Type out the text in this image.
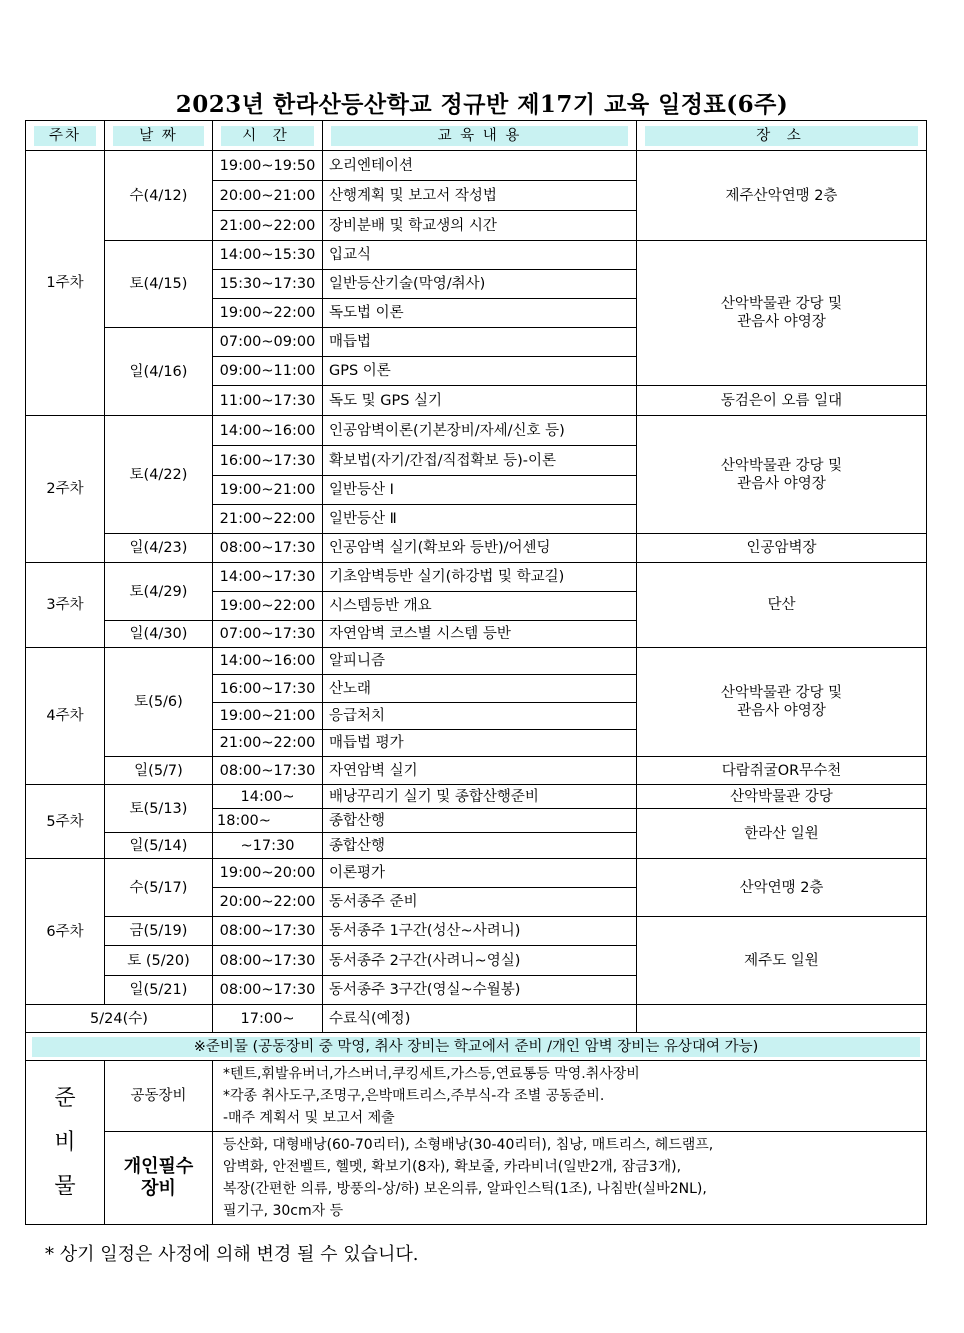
2023년 한라산등산학교 정규반 제17기 교육 일정표(6주)
주차	날 짜	시 간	교 육 내 용	장 소

1주차	수(4/12)	19:00~19:50	오리엔테이션	제주산악연맹 2층
		20:00~21:00	산행계획 및 보고서 작성법	
		21:00~22:00	장비분배 및 학교생의 시간	
	토(4/15)	14:00~15:30	입교식	산악박물관 강당 및
관음사 야영장
		15:30~17:30	일반등산기술(막영/취사)	
		19:00~22:00	독도법 이론	
	일(4/16)	07:00~09:00	매듭법	
		09:00~11:00	GPS 이론	
		11:00~17:30	독도 및 GPS 실기	동검은이 오름 일대
2주차	토(4/22)	14:00~16:00	인공암벽이론(기본장비/자세/신호 등)	산악박물관 강당 및
관음사 야영장
		16:00~17:30	확보법(자기/간접/직접확보 등)-이론	
		19:00~21:00	일반등산 Ⅰ	
		21:00~22:00	일반등산 Ⅱ	
	일(4/23)	08:00~17:30	인공암벽 실기(확보와 등반)/어센딩	인공암벽장
3주차	토(4/29)	14:00~17:30	기초암벽등반 실기(하강법 및 학교길)	단산
		19:00~22:00	시스템등반 개요	
	일(4/30)	07:00~17:30	자연암벽 코스별 시스템 등반	
4주차	토(5/6)	14:00~16:00	알피니즘	산악박물관 강당 및
관음사 야영장
		16:00~17:30	산노래	
		19:00~21:00	응급처치	
		21:00~22:00	매듭법 평가	
	일(5/7)	08:00~17:30	자연암벽 실기	다람쥐굴OR무수천
5주차	토(5/13)	14:00~	배낭꾸리기 실기 및 종합산행준비	산악박물관 강당
		18:00~	종합산행	한라산 일원
	일(5/14)	~17:30	종합산행	
6주차	수(5/17)	19:00~20:00	이론평가	산악연맹 2층
		20:00~22:00	동서종주 준비	
	금(5/19)	08:00~17:30	동서종주 1구간(성산~사려니)	제주도 일원
	토 (5/20)	08:00~17:30	동서종주 2구간(사려니~영실)	
	일(5/21)	08:00~17:30	동서종주 3구간(영실~수월봉)	
5/24(수)		17:00~	수료식(예정)	

※준비물 (공동장비 중 막영, 취사 장비는 학교에서 준비 /개인 암벽 장비는 유상대여 가능)				

준
비
물	공동장비	*텐트,휘발유버너,가스버너,쿠킹세트,가스등,연료통등 막영.취사장비
*각종 취사도구,조명구,은박매트리스,주부식-각 조별 공동준비.
-매주 계획서 및 보고서 제출		
	개인필수
장비	등산화, 대형배낭(60-70리터), 소형배낭(30-40리터), 침낭, 매트리스, 헤드램프,
암벽화, 안전벨트, 헬멧, 확보기(8자), 확보줄, 카라비너(일반2개, 잠금3개),
복장(간편한 의류, 방풍의-상/하) 보온의류, 알파인스틱(1조), 나침반(실바2NL),
필기구, 30cm자 등		
* 상기 일정은 사정에 의해 변경 될 수 있습니다.
